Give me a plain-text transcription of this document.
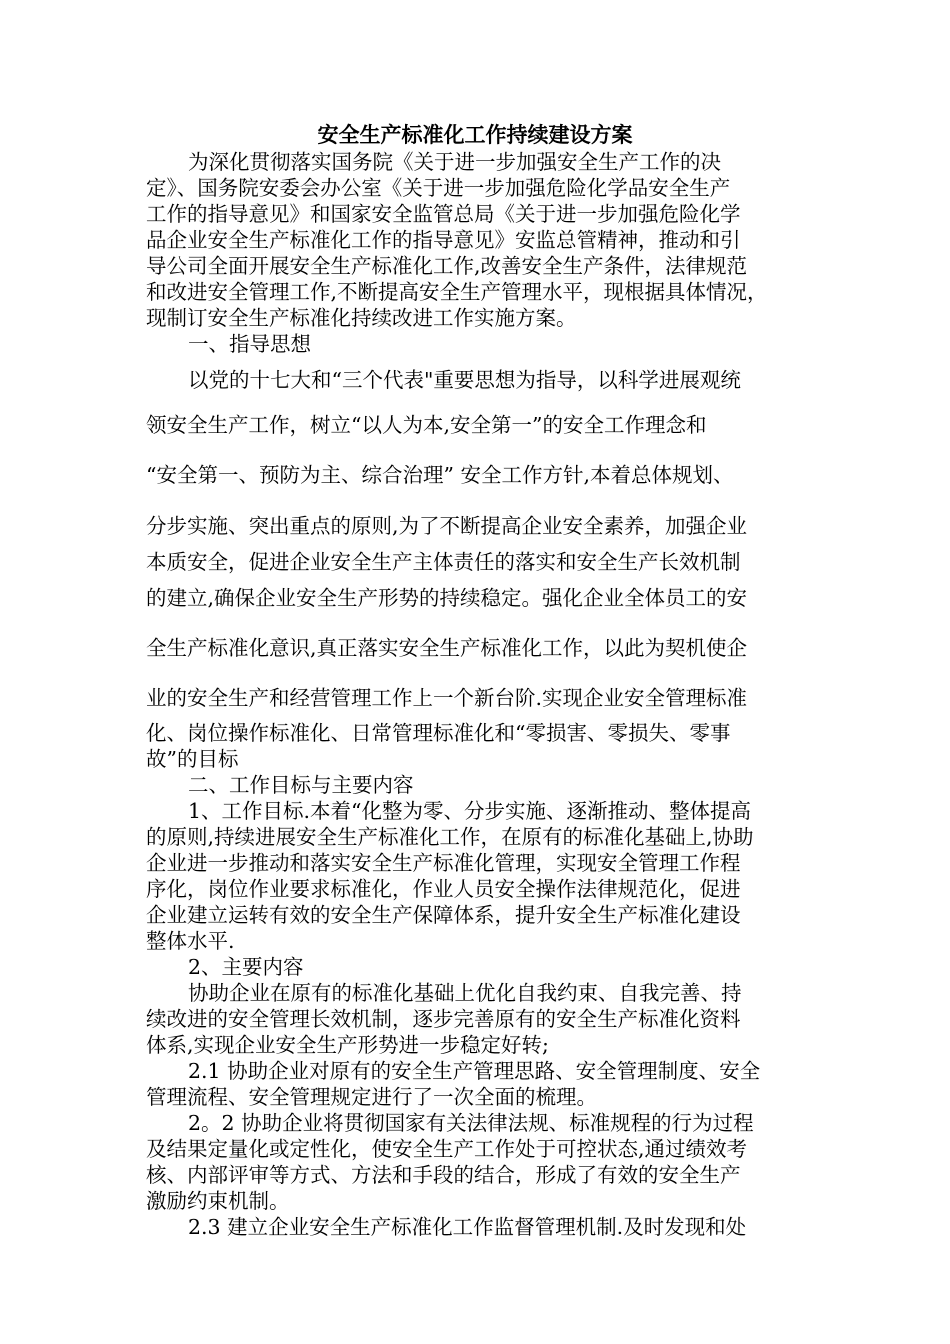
安全生产标准化工作持续建设方案
为深化贯彻落实国务院《关于进一步加强安全生产工作的决
定》、国务院安委会办公室《关于进一步加强危险化学品安全生产
工作的指导意见》和国家安全监管总局《关于进一步加强危险化学
品企业安全生产标准化工作的指导意见》安监总管精神，推动和引
导公司全面开展安全生产标准化工作,改善安全生产条件，法律规范
和改进安全管理工作,不断提高安全生产管理水平，现根据具体情况，
现制订安全生产标准化持续改进工作实施方案。
一、指导思想
以党的十七大和“三个代表"重要思想为指导，以科学进展观统
领安全生产工作，树立“以人为本,安全第一”的安全工作理念和
“安全第一、预防为主、综合治理” 安全工作方针,本着总体规划、
分步实施、突出重点的原则,为了不断提高企业安全素养，加强企业
本质安全，促进企业安全生产主体责任的落实和安全生产长效机制
的建立,确保企业安全生产形势的持续稳定。强化企业全体员工的安
全生产标准化意识,真正落实安全生产标准化工作，以此为契机使企
业的安全生产和经营管理工作上一个新台阶.实现企业安全管理标准
化、岗位操作标准化、日常管理标准化和“零损害、零损失、零事
故”的目标
二、工作目标与主要内容
1、工作目标.本着“化整为零、分步实施、逐渐推动、整体提高
的原则,持续进展安全生产标准化工作，在原有的标准化基础上,协助
企业进一步推动和落实安全生产标准化管理，实现安全管理工作程
序化，岗位作业要求标准化，作业人员安全操作法律规范化，促进
企业建立运转有效的安全生产保障体系，提升安全生产标准化建设
整体水平.
2、主要内容
协助企业在原有的标准化基础上优化自我约束、自我完善、持
续改进的安全管理长效机制，逐步完善原有的安全生产标准化资料
体系,实现企业安全生产形势进一步稳定好转;
2.1 协助企业对原有的安全生产管理思路、安全管理制度、安全
管理流程、安全管理规定进行了一次全面的梳理。
2。2 协助企业将贯彻国家有关法律法规、标准规程的行为过程
及结果定量化或定性化，使安全生产工作处于可控状态,通过绩效考
核、内部评审等方式、方法和手段的结合，形成了有效的安全生产
激励约束机制。
2.3 建立企业安全生产标准化工作监督管理机制.及时发现和处
